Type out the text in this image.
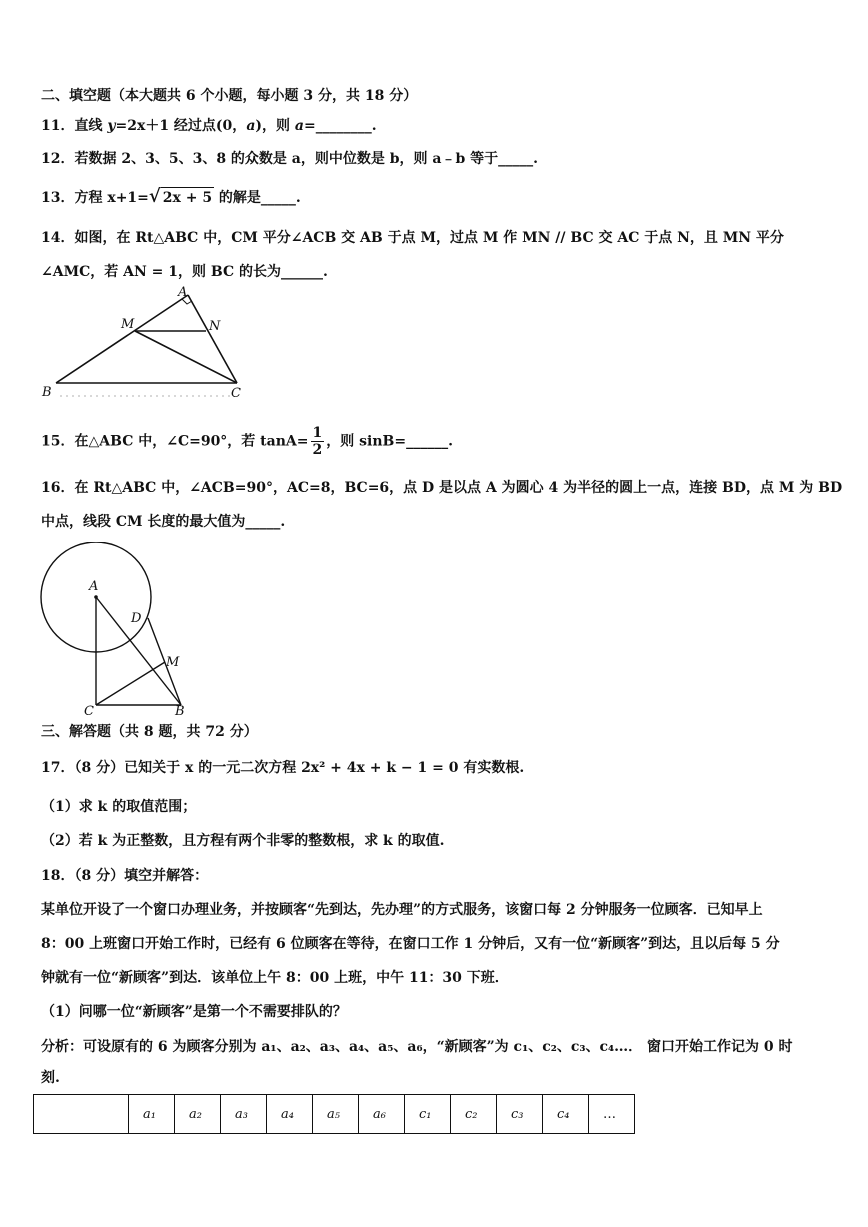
二、填空题（本大题共 6 个小题，每小题 3 分，共 18 分）
11．直线 y=2x＋1 经过点(0，a)，则 a=________.
12．若数据 2、3、5、3、8 的众数是 a，则中位数是 b，则 a﹣b 等于_____.
13．方程 x+1=√ 2x + 5 的解是_____.
14．如图，在 Rt△ABC 中，CM 平分∠ACB 交 AB 于点 M，过点 M 作 MN // BC 交 AC 于点 N，且 MN 平分
∠AMC，若 AN = 1，则 BC 的长为______.
A
M	N
B	C
15．在△ABC 中，∠C=90°，若 $\tan A= \frac{1}{2}$ ，则 sinB=______.
16．在 Rt△ABC 中，∠ACB=90°，AC=8，BC=6，点 D 是以点 A 为圆心 4 为半径的圆上一点，连接 BD，点 M 为 BD
中点，线段 CM 长度的最大值为_____.
A
D
M
C	B
三、解答题（共 8 题，共 72 分）
17．（8 分）已知关于 x 的一元二次方程 2x² + 4x + k − 1 = 0 有实数根.
（1）求 k 的取值范围；
（2）若 k 为正整数，且方程有两个非零的整数根，求 k 的取值.
18．（8 分）填空并解答：
某单位开设了一个窗口办理业务，并按顾客“先到达，先办理”的方式服务，该窗口每 2 分钟服务一位顾客．已知早上
8：00 上班窗口开始工作时，已经有 6 位顾客在等待，在窗口工作 1 分钟后，又有一位“新顾客”到达，且以后每 5 分
钟就有一位“新顾客”到达．该单位上午 8：00 上班，中午 11：30 下班．
（1）问哪一位“新顾客”是第一个不需要排队的？
分析：可设原有的 6 为顾客分别为 a₁、a₂、a₃、a₄、a₅、a₆，“新顾客”为 c₁、c₂、c₃、c₄…． 窗口开始工作记为 0 时
刻.
	a₁	a₂	a₃	a₄	a₅	a₆	c₁	c₂	c₃	c₄	…
